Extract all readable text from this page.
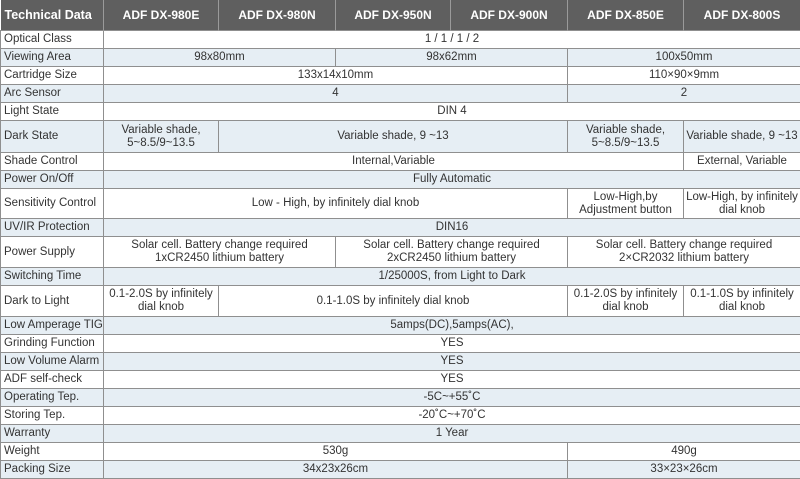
Technical Data	ADF DX-980E	ADF DX-980N	ADF DX-950N	ADF DX-900N	ADF DX-850E	ADF DX-800S
Optical Class	1 / 1 / 1 / 2					
Viewing Area	98x80mm		98x62mm		100x50mm	
Cartridge Size	133x14x10mm				110×90×9mm	
Arc Sensor	4				2	
Light State	DIN 4					
Dark State	Variable shade, 5~8.5/9~13.5	Variable shade, 9 ~13			Variable shade, 5~8.5/9~13.5	Variable shade, 9 ~13
Shade Control	Internal,Variable					External, Variable
Power On/Off	Fully Automatic					
Sensitivity Control	Low - High, by infinitely dial knob				Low-High,by Adjustment button	Low-High, by infinitely dial knob
UV/IR Protection	DIN16					
Power Supply	Solar cell. Battery change required 1xCR2450 lithium battery		Solar cell. Battery change required 2xCR2450 lithium battery		Solar cell. Battery change required 2×CR2032 lithium battery	
Switching Time	1/25000S, from Light to Dark					
Dark to Light	0.1-2.0S by infinitely dial knob	0.1-1.0S by infinitely dial knob			0.1-2.0S by infinitely dial knob	0.1-1.0S by infinitely dial knob
Low Amperage TIG	5amps(DC),5amps(AC),					
Grinding Function	YES					
Low Volume Alarm	YES					
ADF self-check	YES					
Operating Tep.	-5C~+55˚C					
Storing Tep.	-20˚C~+70˚C					
Warranty	1 Year					
Weight	530g				490g	
Packing Size	34x23x26cm				33×23×26cm	
